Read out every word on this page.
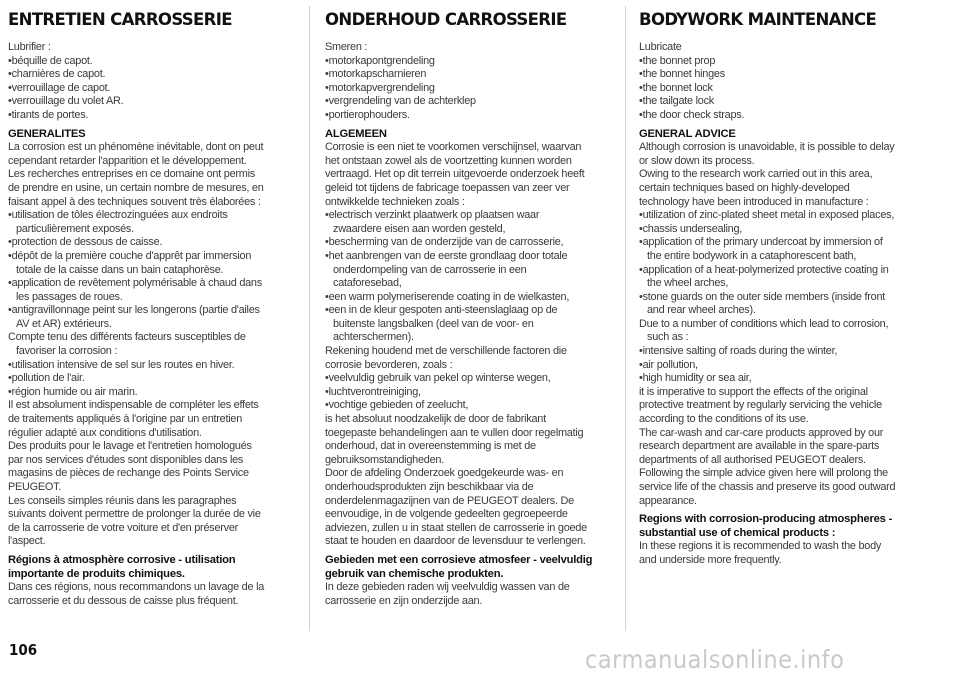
ENTRETIEN CARROSSERIE

Lubrifier :

• béquille de capot.
• charnières de capot.
• verrouillage de capot.
• verrouillage du volet AR.
• tirants de portes.
GENERALITES
La corrosion est un phénomène inévitable, dont on peut
cependant retarder l'apparition et le développement.
Les recherches entreprises en ce domaine ont permis
de prendre en usine, un certain nombre de mesures, en
faisant appel à des techniques souvent très élaborées :
• utilisation de tôles électrozinguées aux endroits
particulièrement exposés.
• protection de dessous de caisse.
• dépôt de la première couche d'apprêt par immersion
totale de la caisse dans un bain cataphorèse.
• application de revêtement polymérisable à chaud dans
les passages de roues.
• antigravillonnage peint sur les longerons (partie d'ailes
AV et AR) extérieurs.
Compte tenu des différents facteurs susceptibles de
favoriser la corrosion :
• utilisation intensive de sel sur les routes en hiver.
• pollution de l'air.
• région humide ou air marin.
Il est absolument indispensable de compléter les effets
de traitements appliqués à l'origine par un entretien
régulier adapté aux conditions d'utilisation.
Des produits pour le lavage et l'entretien homologués
par nos services d'études sont disponibles dans les
magasins de pièces de rechange des Points Service
PEUGEOT.
Les conseils simples réunis dans les paragraphes
suivants doivent permettre de prolonger la durée de vie
de la carrosserie de votre voiture et d'en préserver
l'aspect.
Régions à atmosphère corrosive - utilisation
importante de produits chimiques.
Dans ces régions, nous recommandons un lavage de la
carrosserie et du dessous de caisse plus fréquent.
ONDERHOUD CARROSSERIE

Smeren :

• motorkapontgrendeling
• motorkapscharnieren
• motorkapvergrendeling
• vergrendeling van de achterklep
• portierophouders.
ALGEMEEN
Corrosie is een niet te voorkomen verschijnsel, waarvan
het ontstaan zowel als de voortzetting kunnen worden
vertraagd. Het op dit terrein uitgevoerde onderzoek heeft
geleid tot tijdens de fabricage toepassen van zeer ver
ontwikkelde technieken zoals :
• electrisch verzinkt plaatwerk op plaatsen waar
zwaardere eisen aan worden gesteld,
• bescherming van de onderzijde van de carrosserie,
• het aanbrengen van de eerste grondlaag door totale
onderdompeling van de carrosserie in een
cataforesebad,
• een warm polymeriserende coating in de wielkasten,
• een in de kleur gespoten anti-steenslaglaag op de
buitenste langsbalken (deel van de voor- en
achterschermen).
Rekening houdend met de verschillende factoren die
corrosie bevorderen, zoals :
• veelvuldig gebruik van pekel op winterse wegen,
• luchtverontreiniging,
• vochtige gebieden of zeelucht,
is het absoluut noodzakelijk de door de fabrikant
toegepaste behandelingen aan te vullen door regelmatig
onderhoud, dat in overeenstemming is met de
gebruiksomstandigheden.
Door de afdeling Onderzoek goedgekeurde was- en
onderhoudsprodukten zijn beschikbaar via de
onderdelenmagazijnen van de PEUGEOT dealers. De
eenvoudige, in de volgende gedeelten gegroepeerde
adviezen, zullen u in staat stellen de carrosserie in goede
staat te houden en daardoor de levensduur te verlengen.
Gebieden met een corrosieve atmosfeer - veelvuldig
gebruik van chemische produkten.
In deze gebieden raden wij veelvuldig wassen van de
carrosserie en zijn onderzijde aan.
BODYWORK MAINTENANCE

Lubricate

• the bonnet prop
• the bonnet hinges
• the bonnet lock
• the tailgate lock
• the door check straps.
GENERAL ADVICE
Although corrosion is unavoidable, it is possible to delay
or slow down its process.
Owing to the research work carried out in this area,
certain techniques based on highly-developed
technology have been introduced in manufacture :
• utilization of zinc-plated sheet metal in exposed places,
• chassis undersealing,
• application of the primary undercoat by immersion of
the entire bodywork in a cataphorescent bath,
• application of a heat-polymerized protective coating in
the wheel arches,
• stone guards on the outer side members (inside front
and rear wheel arches).
Due to a number of conditions which lead to corrosion,
such as :
• intensive salting of roads during the winter,
• air pollution,
• high humidity or sea air,
it is imperative to support the effects of the original
protective treatment by regularly servicing the vehicle
according to the conditions of its use.
The car-wash and car-care products approved by our
research department are available in the spare-parts
departments of all authorised PEUGEOT dealers.
Following the simple advice given here will prolong the
service life of the chassis and preserve its good outward
appearance.
Regions with corrosion-producing atmospheres -
substantial use of chemical products :
In these regions it is recommended to wash the body
and underside more frequently.
106	carmanualsonline.info
